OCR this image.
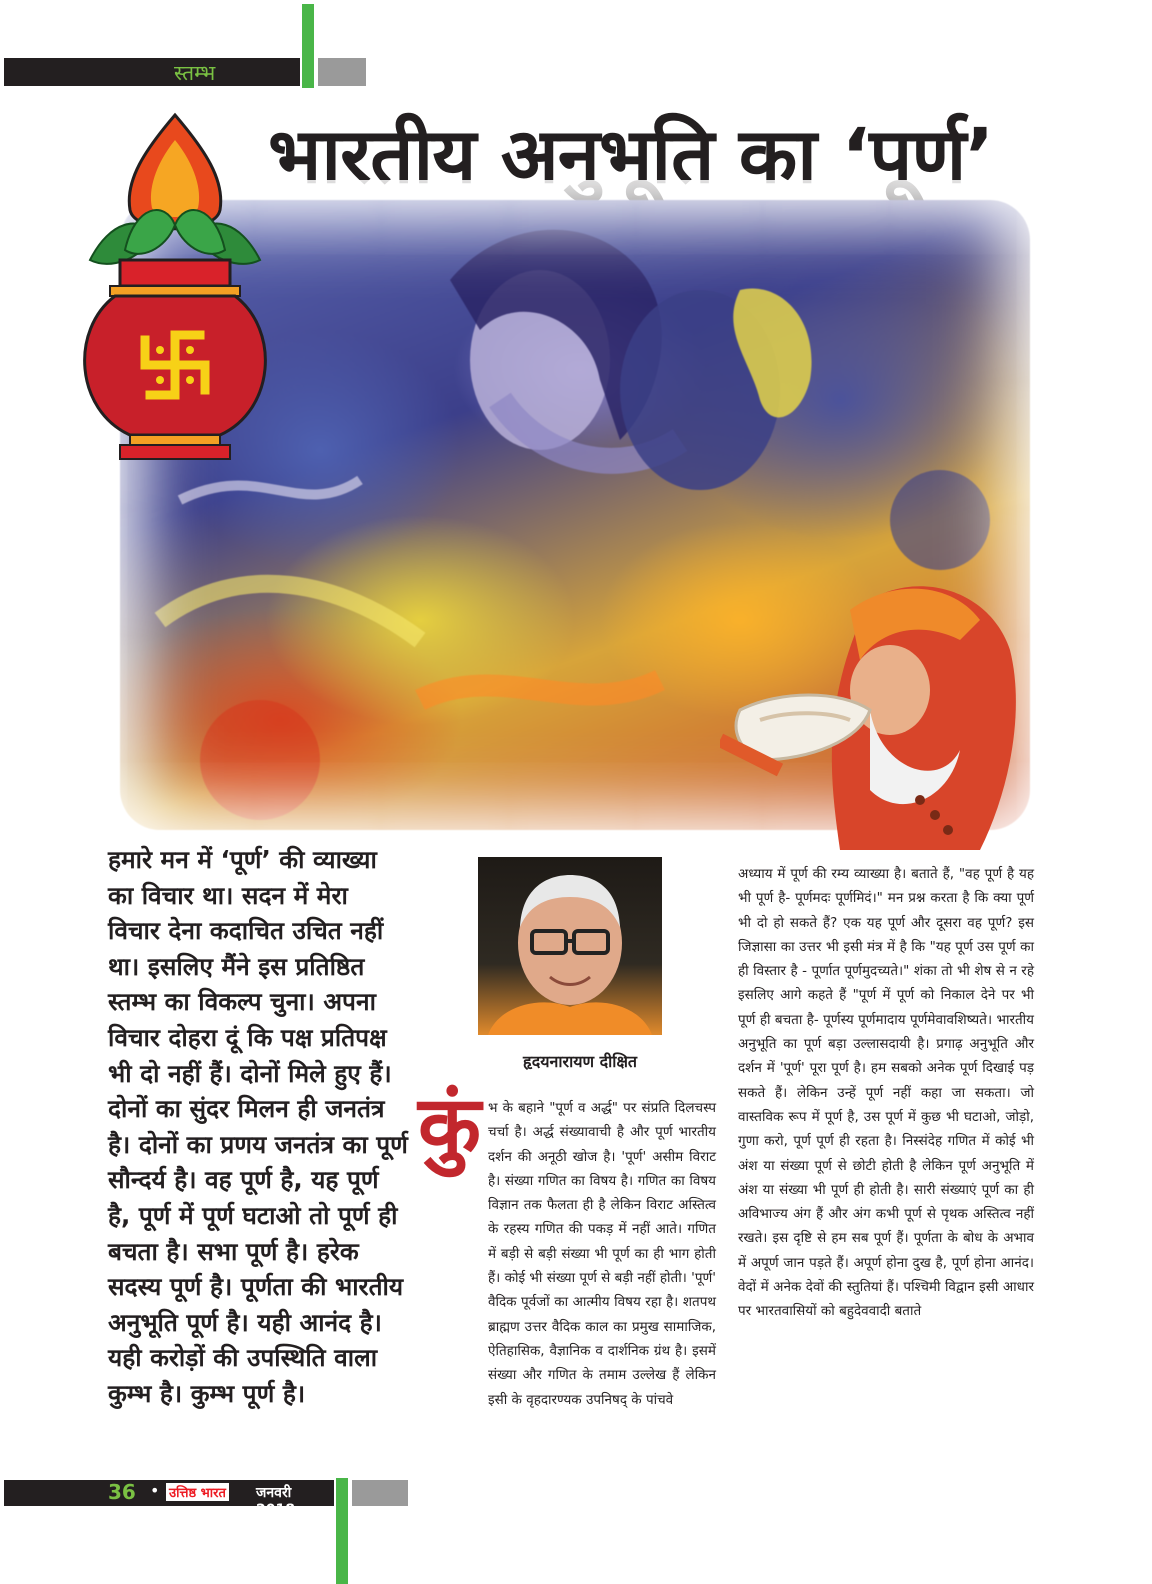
स्तम्भ
भारतीय अनुभूति का ‘पूर्ण’
हमारे मन में ‘पूर्ण’ की व्याख्या का विचार था। सदन में मेरा विचार देना कदाचित उचित नहीं था। इसलिए मैंने इस प्रतिष्ठित स्तम्भ का विकल्प चुना। अपना विचार दोहरा दूं कि पक्ष प्रतिपक्ष भी दो नहीं हैं। दोनों मिले हुए हैं। दोनों का सुंदर मिलन ही जनतंत्र है। दोनों का प्रणय जनतंत्र का पूर्ण सौन्दर्य है। वह पूर्ण है, यह पूर्ण है, पूर्ण में पूर्ण घटाओ तो पूर्ण ही बचता है। सभा पूर्ण है। हरेक सदस्य पूर्ण है। पूर्णता की भारतीय अनुभूति पूर्ण है। यही आनंद है। यही करोड़ों की उपस्थिति वाला कुम्भ है। कुम्भ पूर्ण है।
हृदयनारायण दीक्षित
कुं भ के बहाने "पूर्ण व अर्द्ध" पर संप्रति दिलचस्प चर्चा है। अर्द्ध संख्यावाची है और पूर्ण भारतीय दर्शन की अनूठी खोज है। 'पूर्ण' असीम विराट है। संख्या गणित का विषय है। गणित का विषय विज्ञान तक फैलता ही है लेकिन विराट अस्तित्व के रहस्य गणित की पकड़ में नहीं आते। गणित में बड़ी से बड़ी संख्या भी पूर्ण का ही भाग होती हैं। कोई भी संख्या पूर्ण से बड़ी नहीं होती। 'पूर्ण' वैदिक पूर्वजों का आत्मीय विषय रहा है। शतपथ ब्राह्मण उत्तर वैदिक काल का प्रमुख सामाजिक, ऐतिहासिक, वैज्ञानिक व दार्शनिक ग्रंथ है। इसमें संख्या और गणित के तमाम उल्लेख हैं लेकिन इसी के वृहदारण्यक उपनिषद् के पांचवे
अध्याय में पूर्ण की रम्य व्याख्या है। बताते हैं, "वह पूर्ण है यह भी पूर्ण है- पूर्णमदः पूर्णमिदं।" मन प्रश्न करता है कि क्या पूर्ण भी दो हो सकते हैं? एक यह पूर्ण और दूसरा वह पूर्ण? इस जिज्ञासा का उत्तर भी इसी मंत्र में है कि "यह पूर्ण उस पूर्ण का ही विस्तार है - पूर्णात पूर्णमुदच्यते।" शंका तो भी शेष से न रहे इसलिए आगे कहते हैं "पूर्ण में पूर्ण को निकाल देने पर भी पूर्ण ही बचता है- पूर्णस्य पूर्णमादाय पूर्णमेवावशिष्यते। भारतीय अनुभूति का पूर्ण बड़ा उल्लासदायी है। प्रगाढ़ अनुभूति और दर्शन में 'पूर्ण' पूरा पूर्ण है। हम सबको अनेक पूर्ण दिखाई पड़ सकते हैं। लेकिन उन्हें पूर्ण नहीं कहा जा सकता। जो वास्तविक रूप में पूर्ण है, उस पूर्ण में कुछ भी घटाओ, जोड़ो, गुणा करो, पूर्ण पूर्ण ही रहता है। निस्संदेह गणित में कोई भी अंश या संख्या पूर्ण से छोटी होती है लेकिन पूर्ण अनुभूति में अंश या संख्या भी पूर्ण ही होती है। सारी संख्याएं पूर्ण का ही अविभाज्य अंग हैं और अंग कभी पूर्ण से पृथक अस्तित्व नहीं रखते। इस दृष्टि से हम सब पूर्ण हैं। पूर्णता के बोध के अभाव में अपूर्ण जान पड़ते हैं। अपूर्ण होना दुख है, पूर्ण होना आनंद। वेदों में अनेक देवों की स्तुतियां हैं। पश्चिमी विद्वान इसी आधार पर भारतवासियों को बहुदेववादी बताते
36 • उत्तिष्ठ भारत जनवरी 2018
